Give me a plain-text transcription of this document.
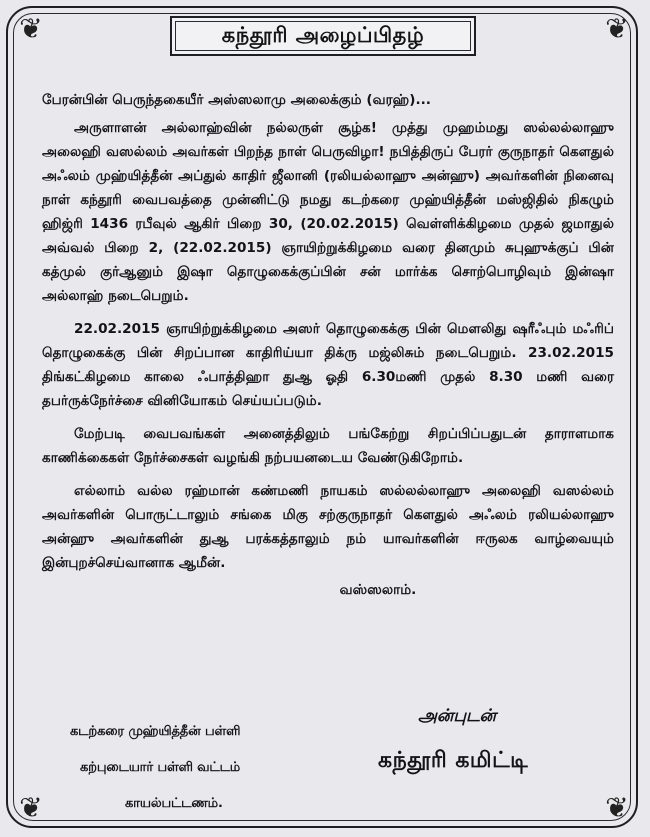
❦	❦
❦	❦
கந்தூரி அழைப்பிதழ்

பேரன்பின் பெருந்தகையீர் அஸ்ஸலாமு அலைக்கும் (வரஹ்)...

அருளாளன் அல்லாஹ்வின் நல்லருள் சூழ்க! முத்து முஹம்மது ஸல்லல்லாஹு அலைஹி வஸல்லம் அவர்கள் பிறந்த நாள் பெருவிழா! நபித்திருப் பேரர் குருநாதர் கௌதுல் அஃலம் முஹ்யித்தீன் அப்துல் காதிர் ஜீலானி (ரலியல்லாஹு அன்ஹு) அவர்களின் நினைவு நாள் கந்தூரி வைபவத்தை முன்னிட்டு நமது கடற்கரை முஹ்யித்தீன் மஸ்ஜிதில் நிகழும் ஹிஜ்ரி 1436 ரபீவுல் ஆகிர் பிறை 30, (20.02.2015) வெள்ளிக்கிழமை முதல் ஜமாதுல் அவ்வல் பிறை 2, (22.02.2015) ஞாயிற்றுக்கிழமை வரை தினமும் சுபுஹுக்குப் பின் கத்முல் குர்ஆனும் இஷா தொழுகைக்குப்பின் சன் மார்க்க சொற்பொழிவும் இன்ஷா அல்லாஹ் நடைபெறும்.

22.02.2015 ஞாயிற்றுக்கிழமை அஸர் தொழுகைக்கு பின் மௌலிது ஷரீஃபும் மஃரிப் தொழுகைக்கு பின் சிறப்பான காதிரிய்யா திக்ரு மஜ்லிசும் நடைபெறும். 23.02.2015 திங்கட்கிழமை காலை ஃபாத்திஹா துஆ ஓதி 6.30மணி முதல் 8.30 மணி வரை தபர்ருக்நேர்ச்சை வினியோகம் செய்யப்படும்.

மேற்படி வைபவங்கள் அனைத்திலும் பங்கேற்று சிறப்பிப்பதுடன் தாராளமாக காணிக்கைகள் நேர்ச்சைகள் வழங்கி நற்பயனடைய வேண்டுகிறோம்.

எல்லாம் வல்ல ரஹ்மான் கண்மணி நாயகம் ஸல்லல்லாஹு அலைஹி வஸல்லம் அவர்களின் பொருட்டாலும் சங்கை மிகு சற்குருநாதர் கௌதுல் அஃலம் ரலியல்லாஹு அன்ஹு அவர்களின் துஆ பரக்கத்தாலும் நம் யாவர்களின் ஈருலக வாழ்வையும் இன்புறச்செய்வானாக ஆமீன்.

வஸ்ஸலாம்.

கடற்கரை முஹ்யித்தீன் பள்ளி
கற்புடையார் பள்ளி வட்டம்
காயல்பட்டணம்.
அன்புடன்
கந்தூரி கமிட்டி
